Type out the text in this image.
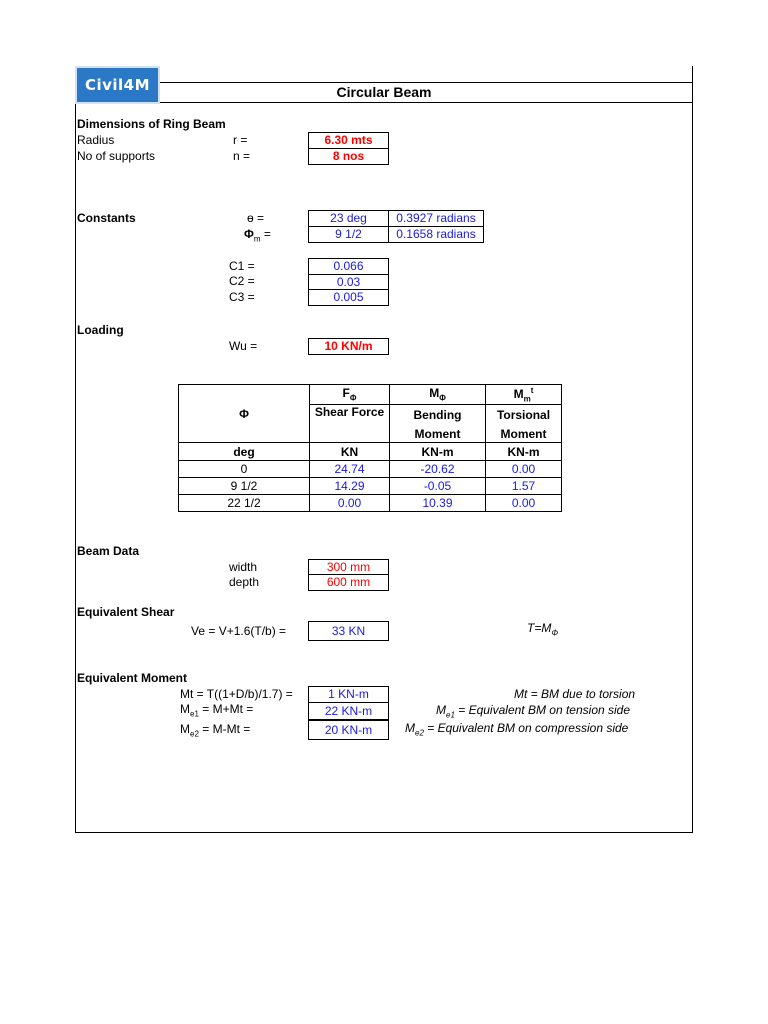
Civil4M	Circular Beam
Dimensions of Ring Beam
Radius	r =	6.30 mts
No of supports	n =	8 nos
Constants	ɵ =	23 deg	0.3927 radians
$\Phi_m$ =	9 1/2	0.1658 radians
C1 =	0.066
C2 =	0.03
C3 =	0.005
Loading
Wu =	10 KN/m
Φ	$F_\Phi$	$M_\Phi$	$M_m^t$
	Shear Force	Bending	Torsional
		Moment	Moment
deg	KN	KN-m	KN-m
0	24.74	-20.62	0.00
9 1/2	14.29	-0.05	1.57
22 1/2	0.00	10.39	0.00
Beam Data
width	300 mm
depth	600 mm
Equivalent Shear
Ve = V+1.6(T/b) =	33 KN	$T=M_\Phi$
Equivalent Moment
Mt = T((1+D/b)/1.7) =	1 KN-m	Mt = BM due to torsion
$M_{e1} = M+Mt$ =	22 KN-m	$M_{e1}$ = Equivalent BM on tension side
$M_{e2} = M-Mt$ =	20 KN-m	$M_{e2}$ = Equivalent BM on compression side
